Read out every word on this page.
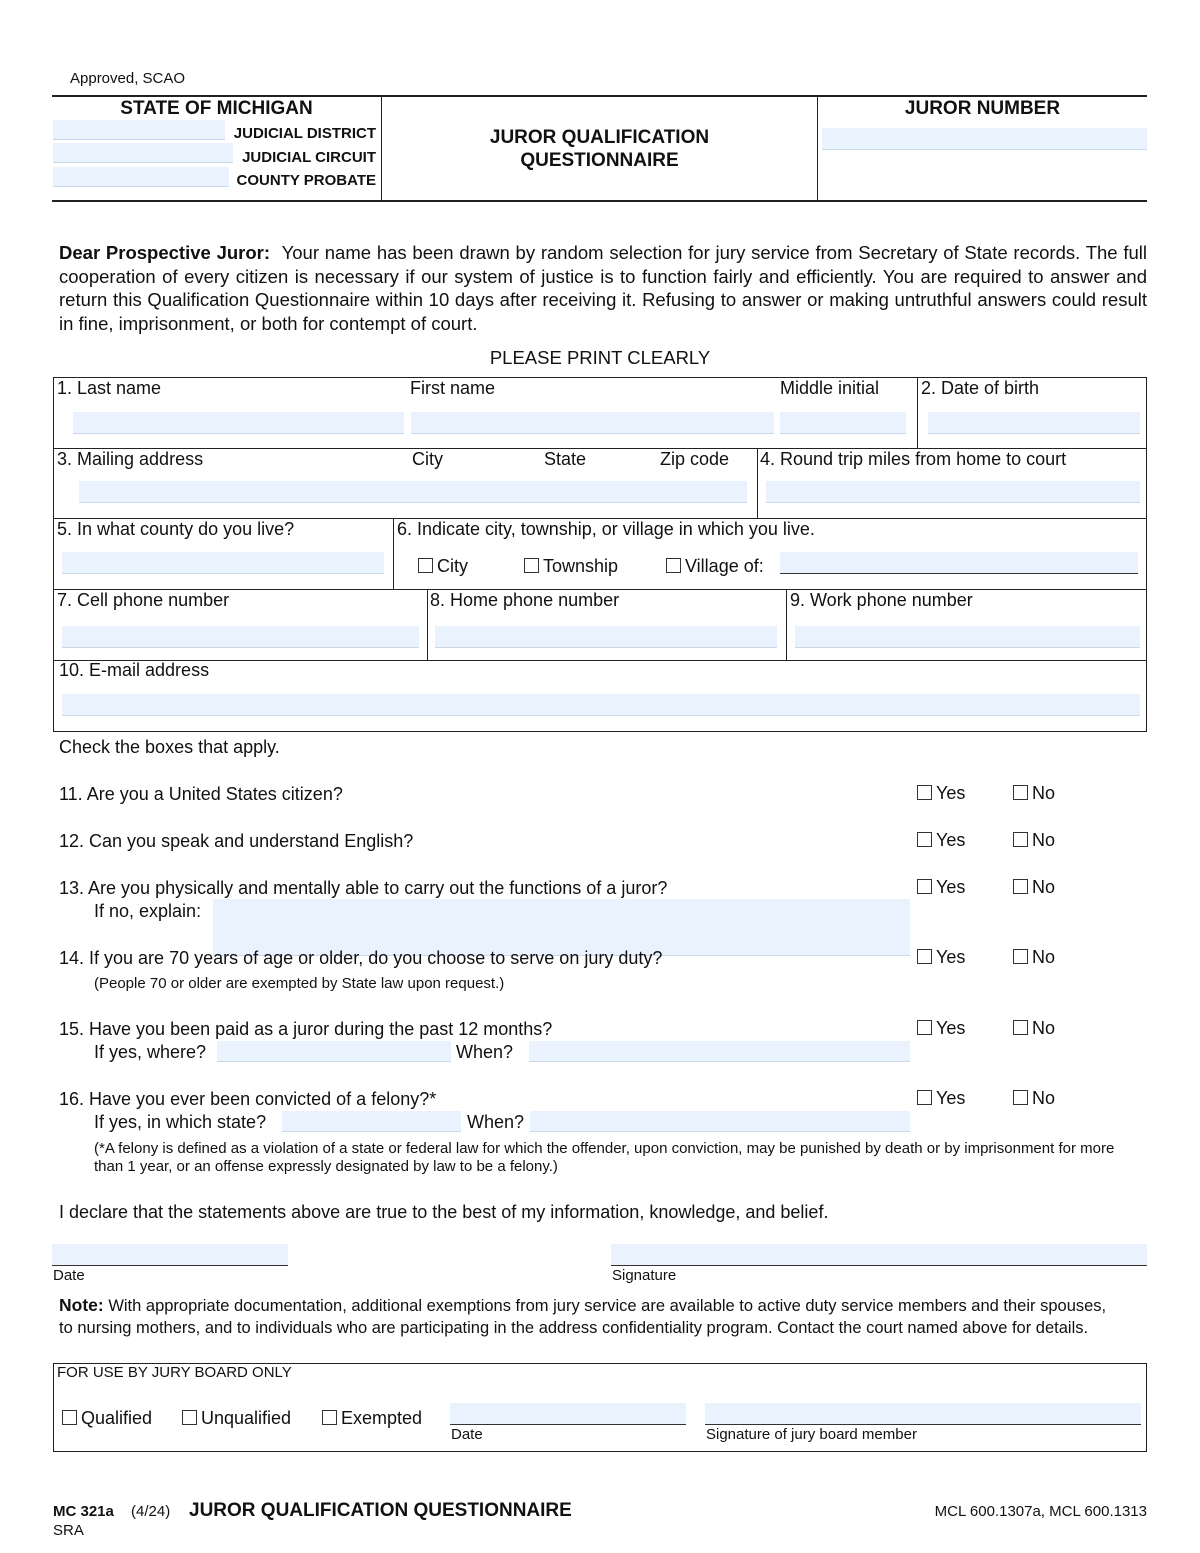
Approved, SCAO
STATE OF MICHIGAN
JUDICIAL DISTRICT
JUDICIAL CIRCUIT
COUNTY PROBATE
JUROR QUALIFICATION
QUESTIONNAIRE
JUROR NUMBER
Dear Prospective Juror: Your name has been drawn by random selection for jury service from Secretary of State records. The full cooperation of every citizen is necessary if our system of justice is to function fairly and efficiently. You are required to answer and return this Qualification Questionnaire within 10 days after receiving it. Refusing to answer or making untruthful answers could result in fine, imprisonment, or both for contempt of court.
PLEASE PRINT CLEARLY
1. Last name	First name	Middle initial 2. Date of birth
3. Mailing address	City	State	Zip code 4. Round trip miles from home to court
5. In what county do you live?	6. Indicate city, township, or village in which you live.
City	Township	Village of:
7. Cell phone number	8. Home phone number	9. Work phone number
10. E-mail address
Check the boxes that apply.
11. Are you a United States citizen?	Yes	No
12. Can you speak and understand English?	Yes	No
13. Are you physically and mentally able to carry out the functions of a juror?	Yes	No
If no, explain:
14. If you are 70 years of age or older, do you choose to serve on jury duty?	Yes	No
(People 70 or older are exempted by State law upon request.)
15. Have you been paid as a juror during the past 12 months?	Yes	No
If yes, where?	When?
16. Have you ever been convicted of a felony?*	Yes	No
If yes, in which state?	When?
(*A felony is defined as a violation of a state or federal law for which the offender, upon conviction, may be punished by death or by imprisonment for more than 1 year, or an offense expressly designated by law to be a felony.)
I declare that the statements above are true to the best of my information, knowledge, and belief.
Date	Signature
Note: With appropriate documentation, additional exemptions from jury service are available to active duty service members and their spouses, to nursing mothers, and to individuals who are participating in the address confidentiality program. Contact the court named above for details.
FOR USE BY JURY BOARD ONLY
Qualified	Unqualified	Exempted
Date	Signature of jury board member
MC 321a (4/24) JUROR QUALIFICATION QUESTIONNAIRE
SRA
MCL 600.1307a, MCL 600.1313
